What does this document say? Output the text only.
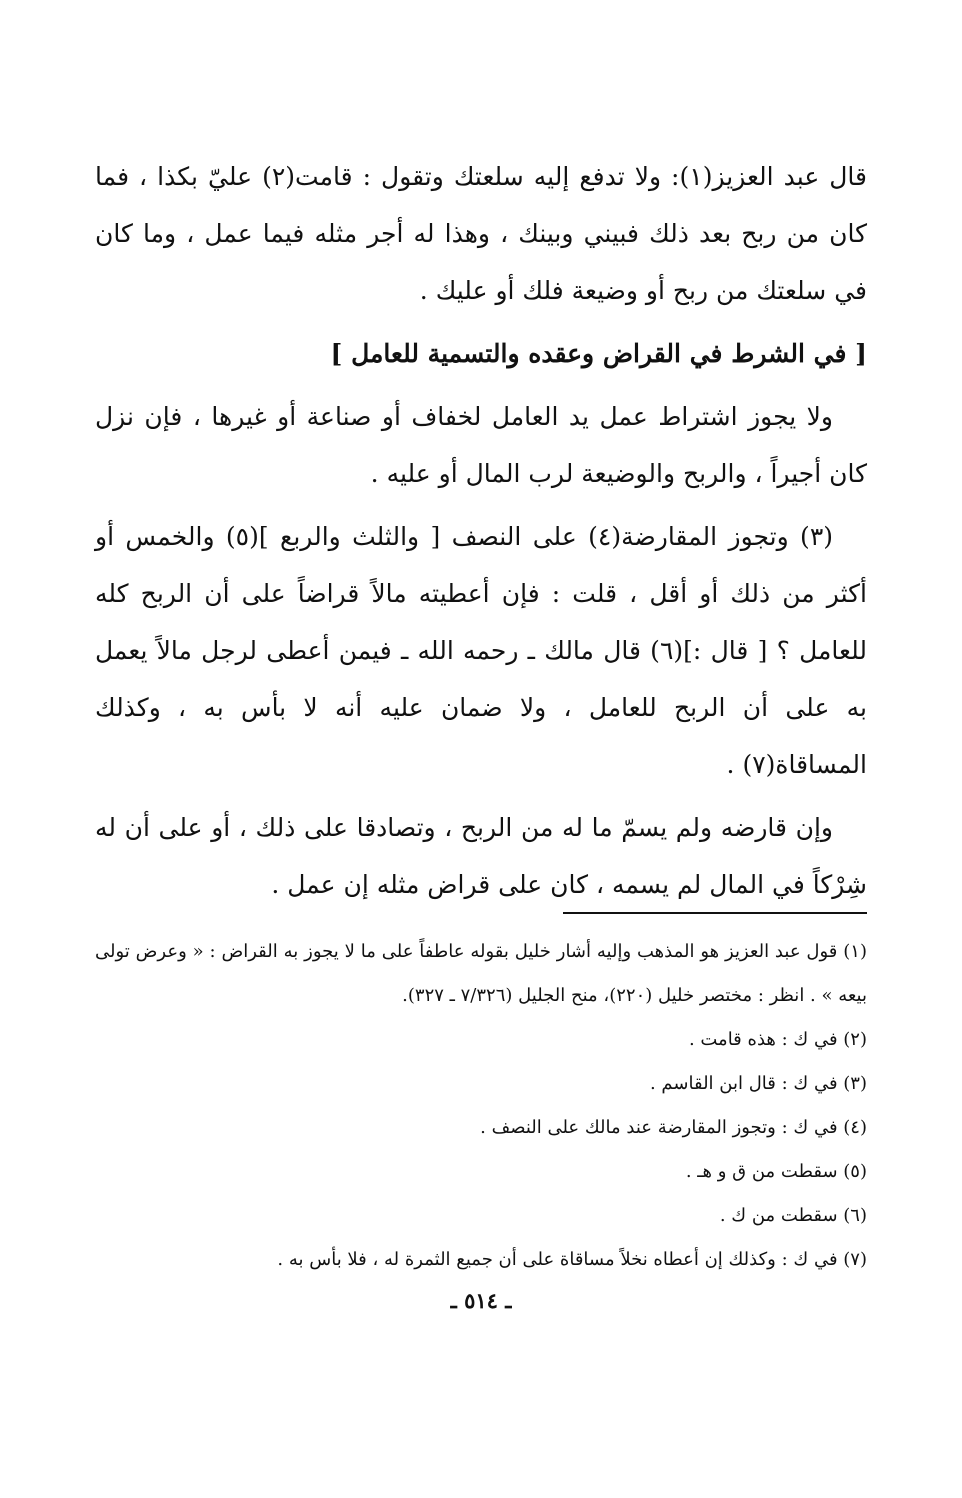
قال عبد العزيز(١): ولا تدفع إليه سلعتك وتقول : قامت(٢) عليّ بكذا ، فما كان من ربح بعد ذلك فبيني وبينك ، وهذا له أجر مثله فيما عمل ، وما كان في سلعتك من ربح أو وضيعة فلك أو عليك .

[ في الشرط في القراض وعقده والتسمية للعامل ]

ولا يجوز اشتراط عمل يد العامل لخفاف أو صناعة أو غيرها ، فإن نزل كان أجيراً ، والربح والوضيعة لرب المال أو عليه .

(٣) وتجوز المقارضة(٤) على النصف [ والثلث والربع ](٥) والخمس أو أكثر من ذلك أو أقل ، قلت : فإن أعطيته مالاً قراضاً على أن الربح كله للعامل ؟ [ قال :](٦) قال مالك ـ رحمه الله ـ فيمن أعطى لرجل مالاً يعمل به على أن الربح للعامل ، ولا ضمان عليه أنه لا بأس به ، وكذلك المساقاة(٧) .

وإن قارضه ولم يسمّ ما له من الربح ، وتصادقا على ذلك ، أو على أن له شِرْكاً في المال لم يسمه ، كان على قراض مثله إن عمل .

(١) قول عبد العزيز هو المذهب وإليه أشار خليل بقوله عاطفاً على ما لا يجوز به القراض : « وعرض تولى بيعه » . انظر : مختصر خليل (٢٢٠)، منح الجليل (٧/٣٢٦ ـ ٣٢٧).

(٢) في ك : هذه قامت .

(٣) في ك : قال ابن القاسم .

(٤) في ك : وتجوز المقارضة عند مالك على النصف .

(٥) سقطت من ق و هـ .

(٦) سقطت من ك .

(٧) في ك : وكذلك إن أعطاه نخلاً مساقاة على أن جميع الثمرة له ، فلا بأس به .

ـ ٥١٤ ـ
